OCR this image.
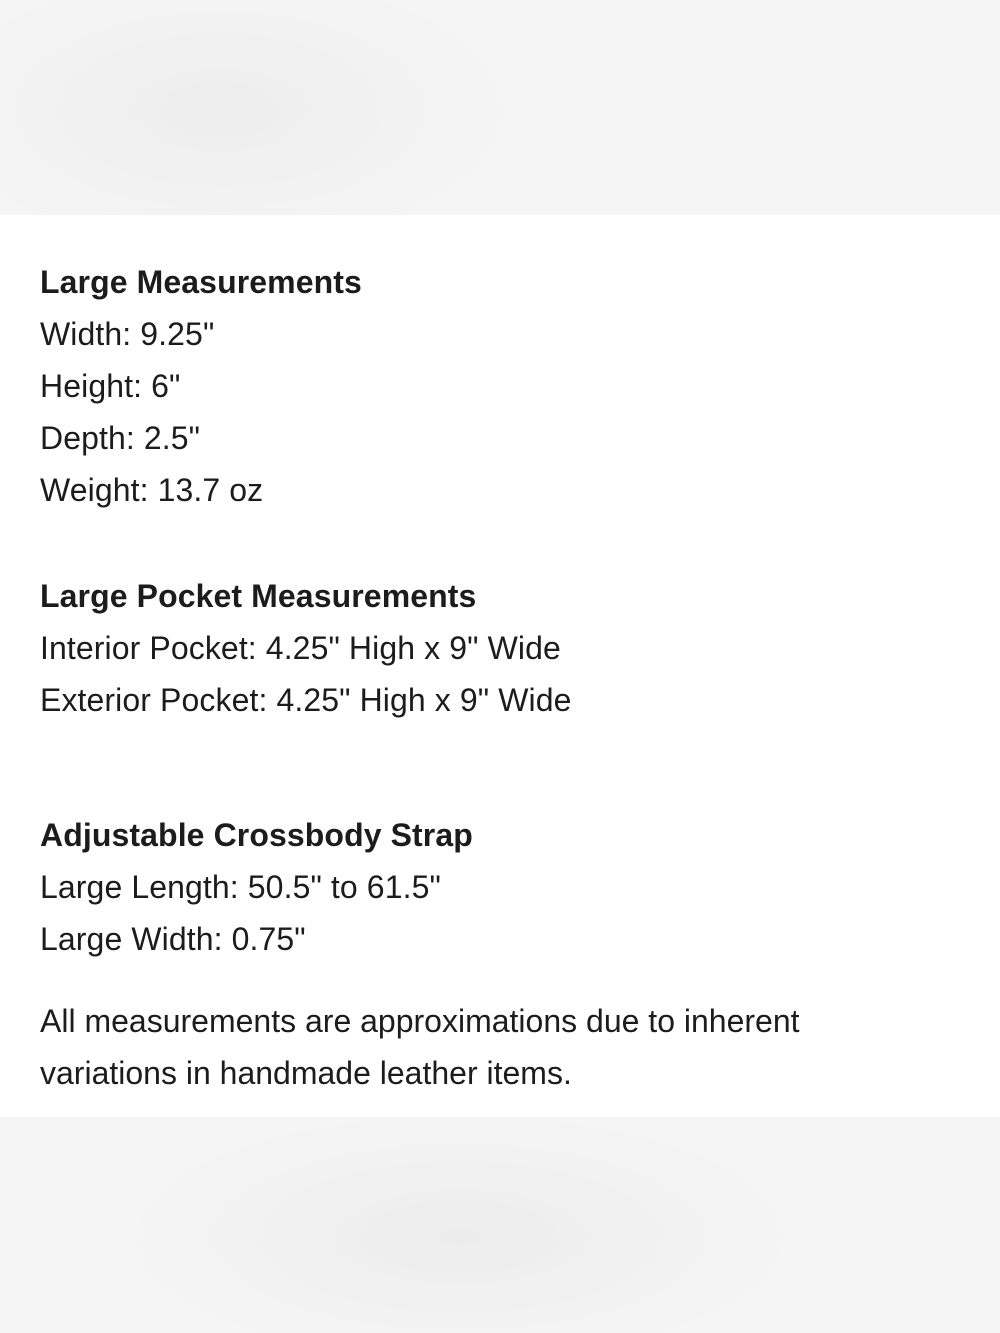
Large Measurements
Width: 9.25"
Height: 6"
Depth: 2.5"
Weight: 13.7 oz
Large Pocket Measurements
Interior Pocket: 4.25" High x 9" Wide
Exterior Pocket: 4.25" High x 9" Wide
Adjustable Crossbody Strap
Large Length: 50.5" to 61.5"
Large Width: 0.75"
All measurements are approximations due to inherent variations in handmade leather items.
